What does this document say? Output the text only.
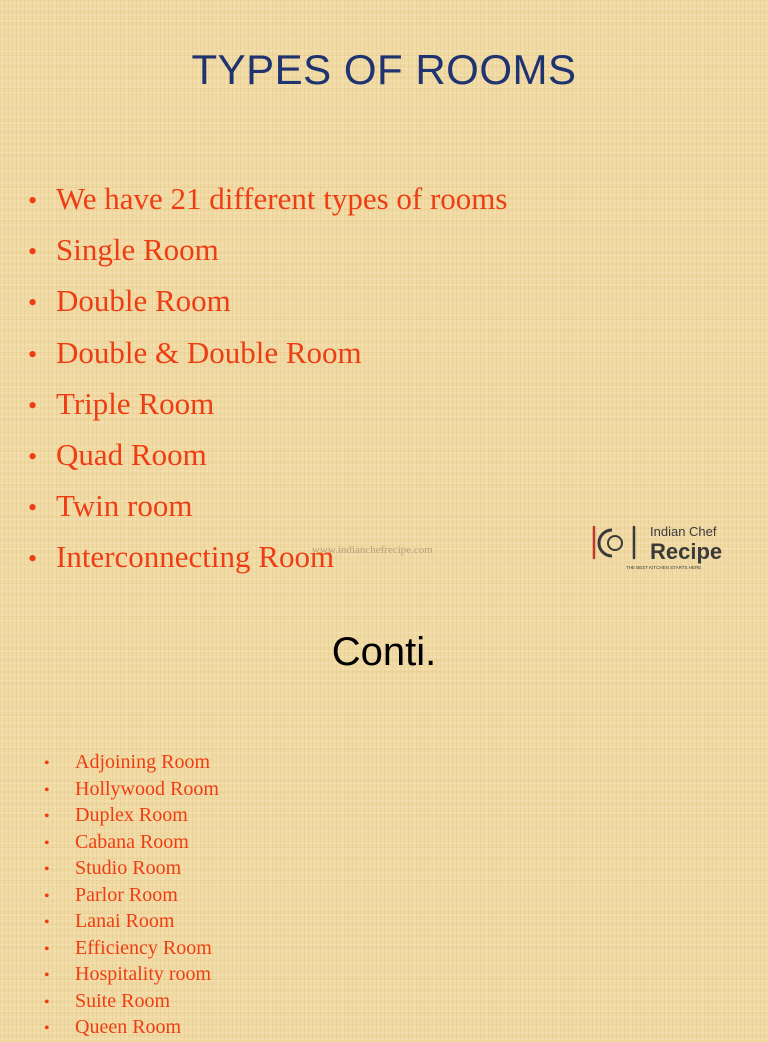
TYPES OF ROOMS
• We have 21 different types of rooms
• Single Room
• Double Room
• Double & Double Room
• Triple Room
• Quad Room
• Twin room
• Interconnecting Room
www.indianchefrecipe.com
Indian Chef
Recipe
THE BEST KITCHEN STARTS HERE
Conti.
• Adjoining Room
• Hollywood Room
• Duplex Room
• Cabana Room
• Studio Room
• Parlor Room
• Lanai Room
• Efficiency Room
• Hospitality room
• Suite Room
• Queen Room
